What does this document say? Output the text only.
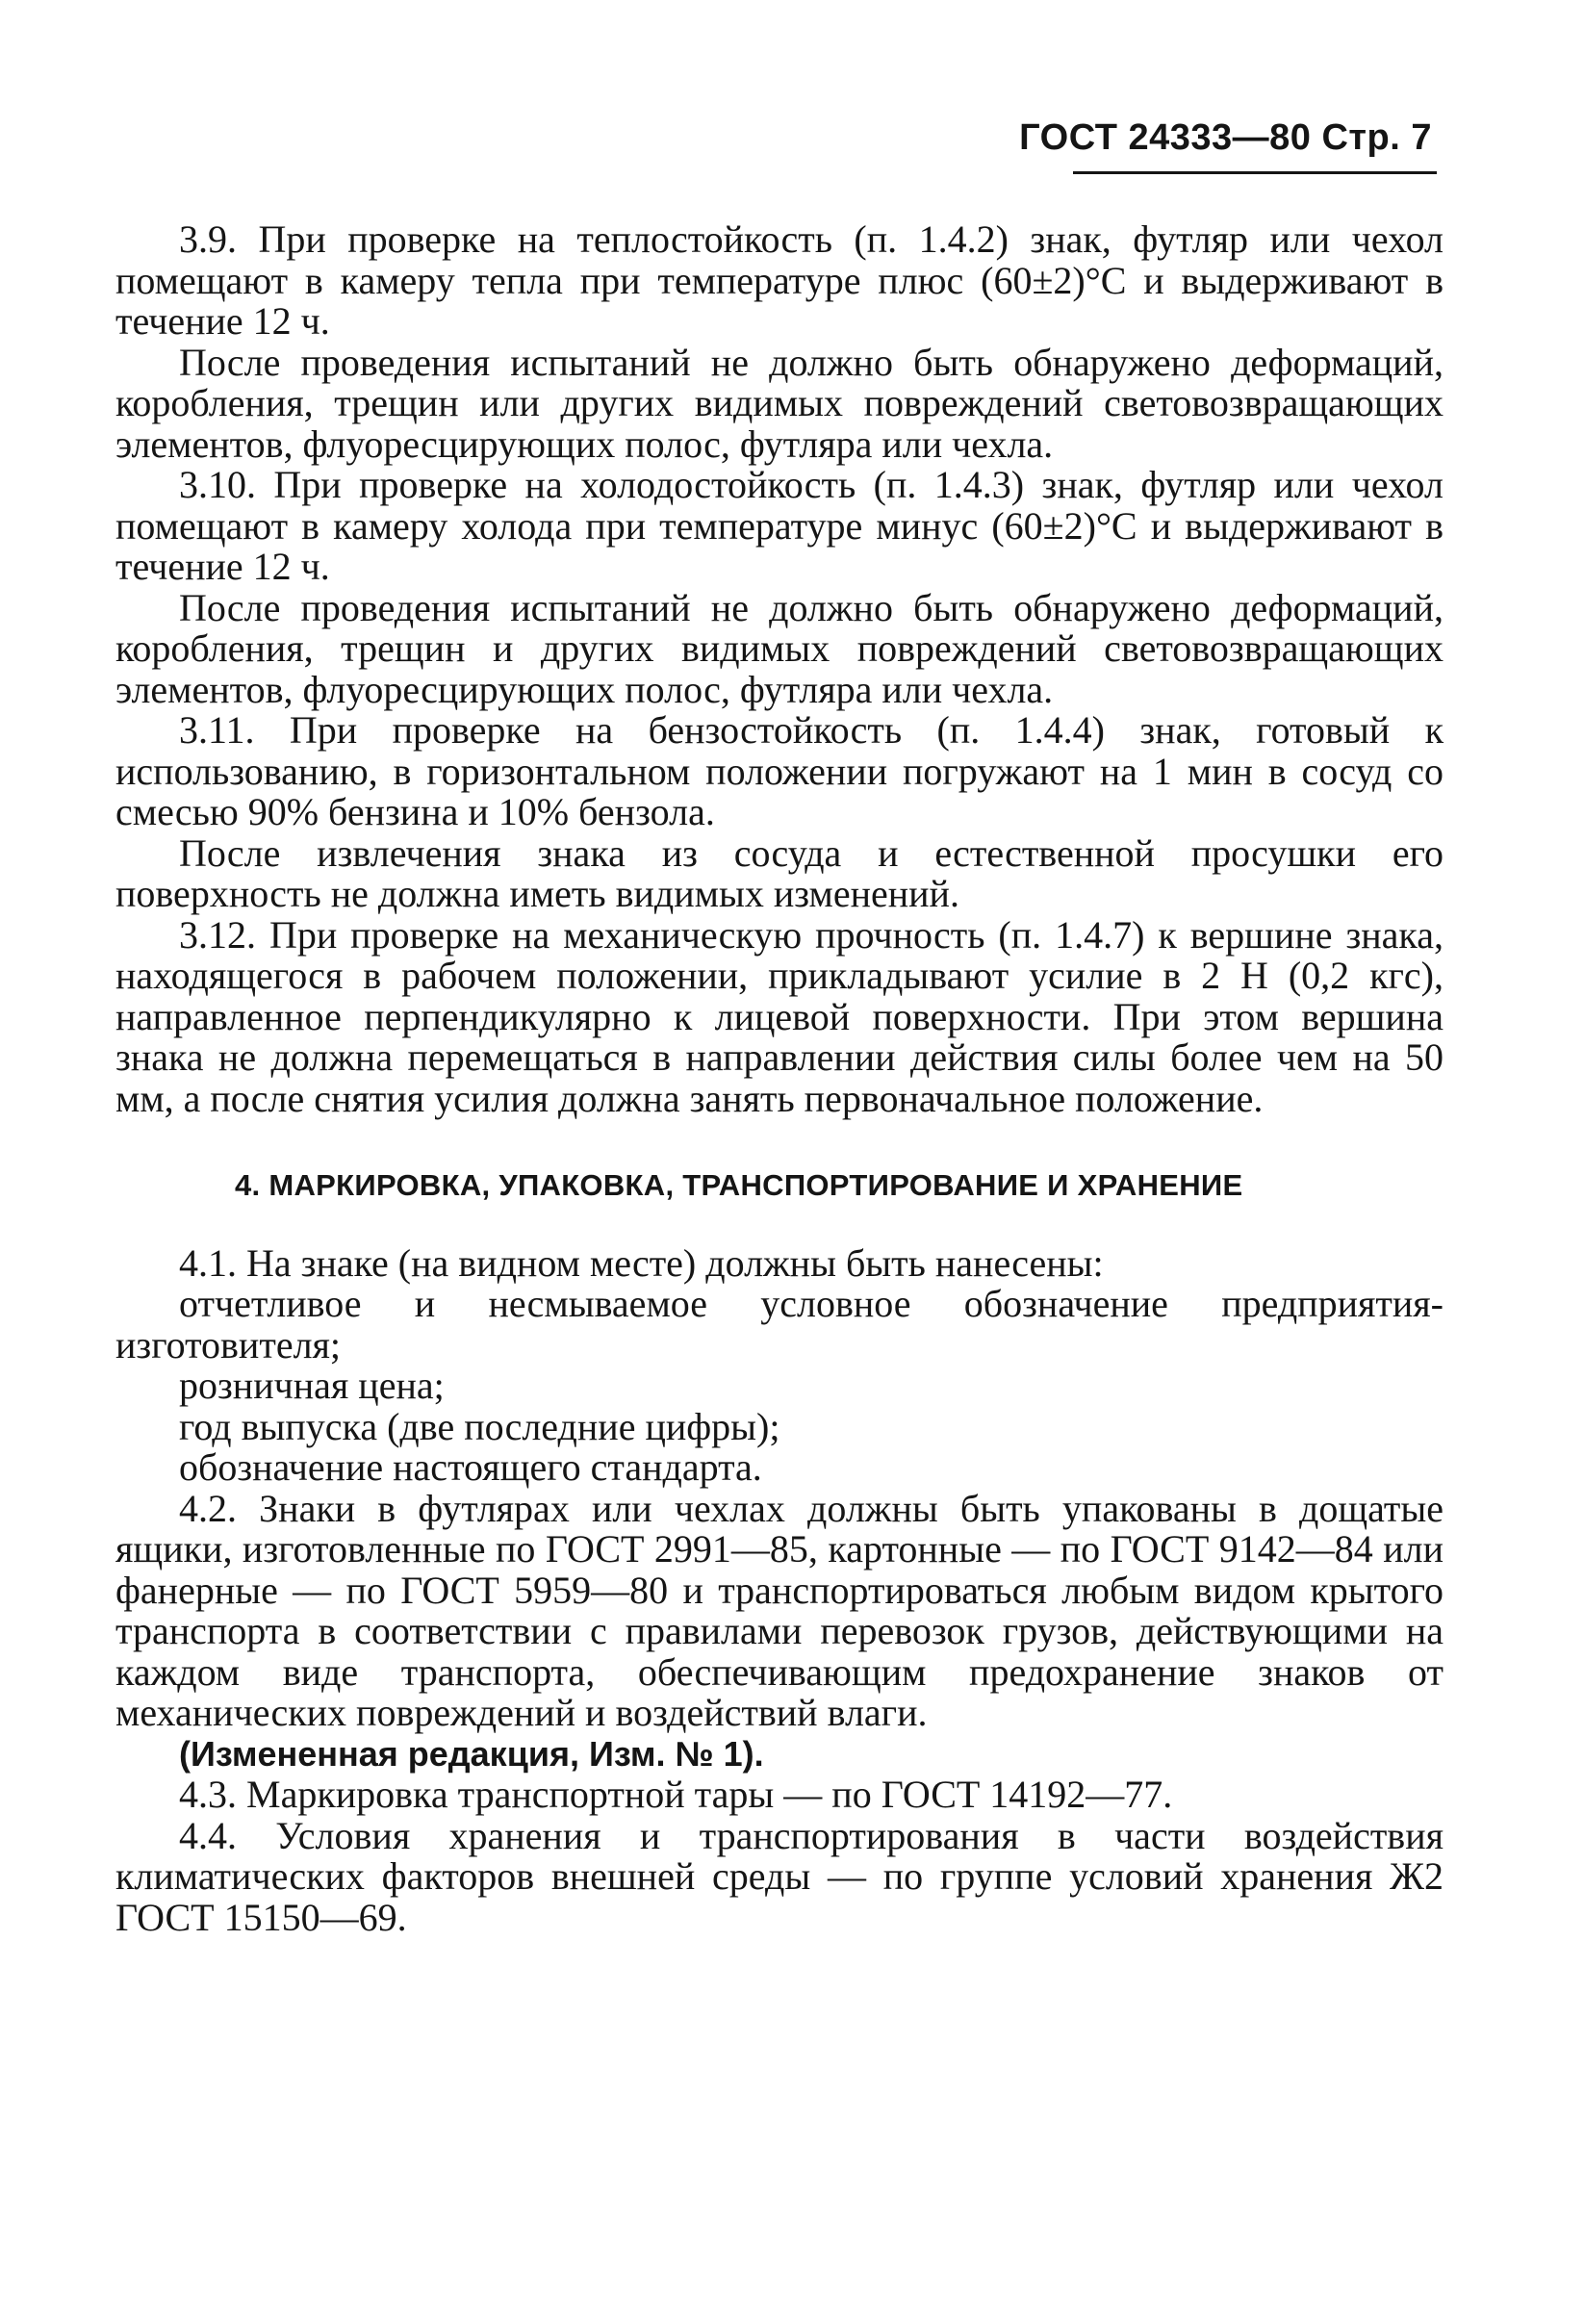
ГОСТ 24333—80 Стр. 7

3.9. При проверке на теплостойкость (п. 1.4.2) знак, футляр или чехол помещают в камеру тепла при температуре плюс (60±2)°С и выдерживают в течение 12 ч.

После проведения испытаний не должно быть обнаружено деформаций, коробления, трещин или других видимых повреждений световозвращающих элементов, флуоресцирующих полос, футляра или чехла.

3.10. При проверке на холодостойкость (п. 1.4.3) знак, футляр или чехол помещают в камеру холода при температуре минус (60±2)°С и выдерживают в течение 12 ч.

После проведения испытаний не должно быть обнаружено деформаций, коробления, трещин и других видимых повреждений световозвращающих элементов, флуоресцирующих полос, футляра или чехла.

3.11. При проверке на бензостойкость (п. 1.4.4) знак, готовый к использованию, в горизонтальном положении погружают на 1 мин в сосуд со смесью 90% бензина и 10% бензола.

После извлечения знака из сосуда и естественной просушки его поверхность не должна иметь видимых изменений.

3.12. При проверке на механическую прочность (п. 1.4.7) к вершине знака, находящегося в рабочем положении, прикладывают усилие в 2 Н (0,2 кгс), направленное перпендикулярно к лицевой поверхности. При этом вершина знака не должна перемещаться в направлении действия силы более чем на 50 мм, а после снятия усилия должна занять первоначальное положение.

4. МАРКИРОВКА, УПАКОВКА, ТРАНСПОРТИРОВАНИЕ И ХРАНЕНИЕ

4.1. На знаке (на видном месте) должны быть нанесены:

отчетливое и несмываемое условное обозначение предприятия-изготовителя;

розничная цена;

год выпуска (две последние цифры);

обозначение настоящего стандарта.

4.2. Знаки в футлярах или чехлах должны быть упакованы в дощатые ящики, изготовленные по ГОСТ 2991—85, картонные — по ГОСТ 9142—84 или фанерные — по ГОСТ 5959—80 и транспортироваться любым видом крытого транспорта в соответствии с правилами перевозок грузов, действующими на каждом виде транспорта, обеспечивающим предохранение знаков от механических повреждений и воздействий влаги.

(Измененная редакция, Изм. № 1).

4.3. Маркировка транспортной тары — по ГОСТ 14192—77.

4.4. Условия хранения и транспортирования в части воздействия климатических факторов внешней среды — по группе условий хранения Ж2 ГОСТ 15150—69.
